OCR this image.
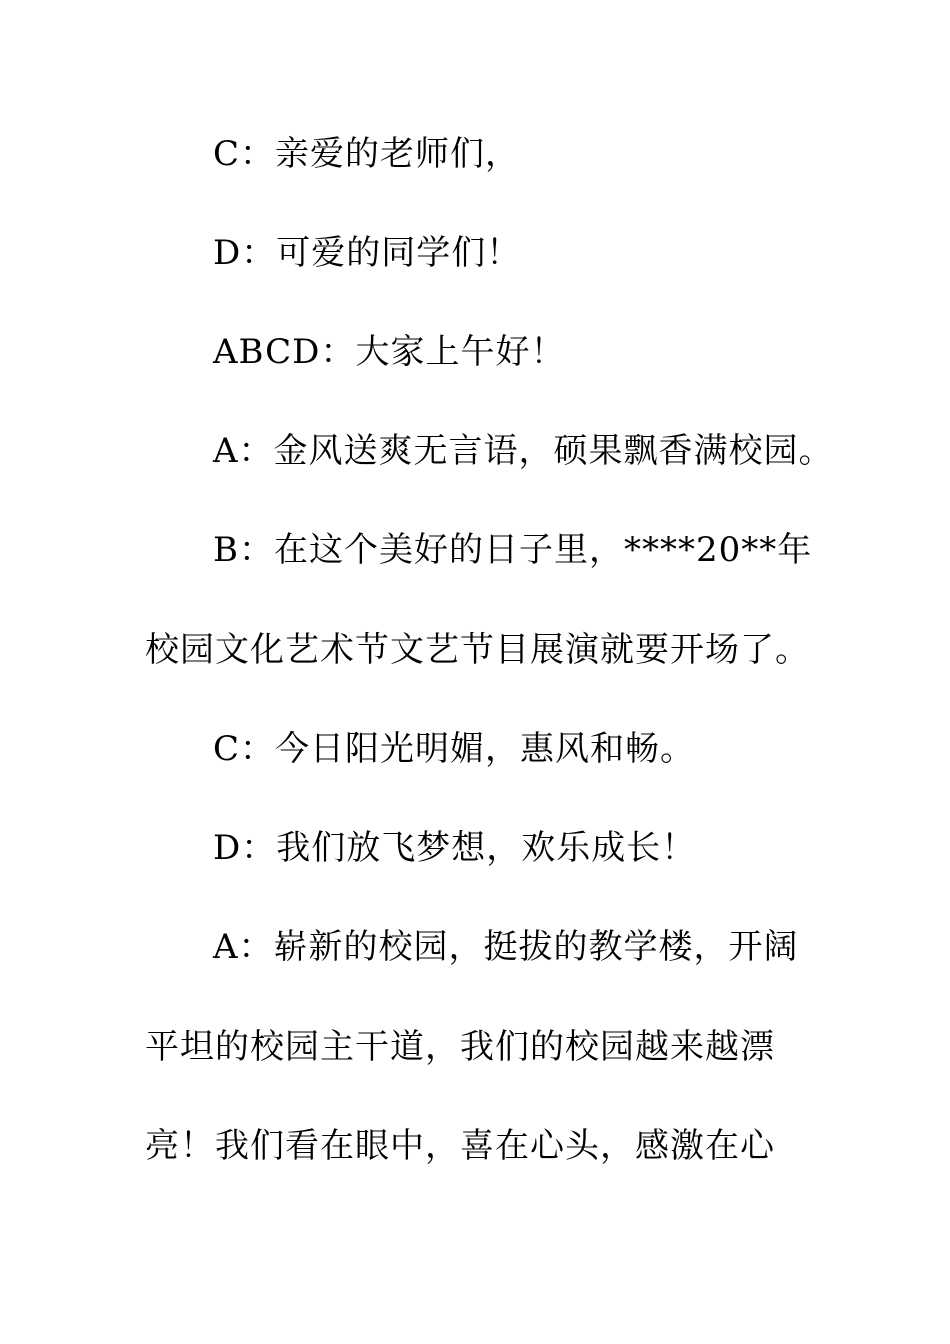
C：亲爱的老师们，
D：可爱的同学们！
ABCD：大家上午好！
A：金风送爽无言语，硕果飘香满校园。
B：在这个美好的日子里，****20**年
校园文化艺术节文艺节目展演就要开场了。
C：今日阳光明媚，惠风和畅。
D：我们放飞梦想，欢乐成长！
A：崭新的校园，挺拔的教学楼，开阔
平坦的校园主干道，我们的校园越来越漂
亮！我们看在眼中，喜在心头，感激在心
